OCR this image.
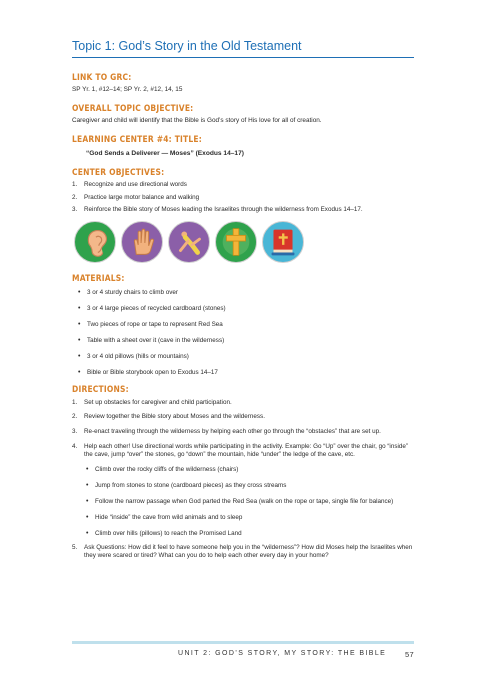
Topic 1: God’s Story in the Old Testament
LINK TO GRC:
SP Yr. 1, #12–14; SP Yr. 2, #12, 14, 15
OVERALL TOPIC OBJECTIVE:
Caregiver and child will identify that the Bible is God’s story of His love for all of creation.
LEARNING CENTER #4: TITLE:
“God Sends a Deliverer — Moses” (Exodus 14–17)
CENTER OBJECTIVES:
1.	Recognize and use directional words
2.	Practice large motor balance and walking
3.	Reinforce the Bible story of Moses leading the Israelites through the wilderness from Exodus 14–17.
MATERIALS:
•	3 or 4 sturdy chairs to climb over
•	3 or 4 large pieces of recycled cardboard (stones)
•	Two pieces of rope or tape to represent Red Sea
•	Table with a sheet over it (cave in the wilderness)
•	3 or 4 old pillows (hills or mountains)
•	Bible or Bible storybook open to Exodus 14–17
DIRECTIONS:
1.	Set up obstacles for caregiver and child participation.
2.	Review together the Bible story about Moses and the wilderness.
3.	Re-enact traveling through the wilderness by helping each other go through the “obstacles” that are set up.
4.	Help each other! Use directional words while participating in the activity. Example: Go “Up” over the chair, go “inside” the cave, jump “over” the stones, go “down” the mountain, hide “under” the ledge of the cave, etc.
•	Climb over the rocky cliffs of the wilderness (chairs)
•	Jump from stones to stone (cardboard pieces) as they cross streams
•	Follow the narrow passage when God parted the Red Sea (walk on the rope or tape, single file for balance)
•	Hide “inside” the cave from wild animals and to sleep
•	Climb over hills (pillows) to reach the Promised Land
5.	Ask Questions: How did it feel to have someone help you in the “wilderness”? How did Moses help the Israelites when they were scared or tired? What can you do to help each other every day in your home?
UNIT 2: GOD’S STORY, MY STORY: THE BIBLE	57
